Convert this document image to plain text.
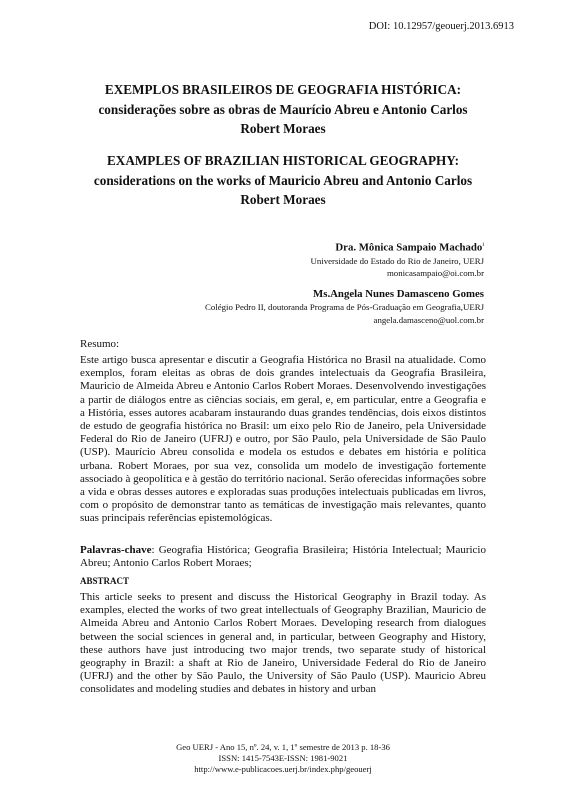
DOI: 10.12957/geouerj.2013.6913
EXEMPLOS BRASILEIROS DE GEOGRAFIA HISTÓRICA:
considerações sobre as obras de Maurício Abreu e Antonio Carlos
Robert Moraes
EXAMPLES OF BRAZILIAN HISTORICAL GEOGRAPHY:
considerations on the works of Mauricio Abreu and Antonio Carlos
Robert Moraes
Dra. Mônica Sampaio Machado$^i$
Universidade do Estado do Rio de Janeiro, UERJ
monicasampaio@oi.com.br
Ms.Angela Nunes Damasceno Gomes
Colégio Pedro II, doutoranda Programa de Pós-Graduação em Geografia,UERJ
angela.damasceno@uol.com.br
Resumo:
Este artigo busca apresentar e discutir a Geografia Histórica no Brasil na atualidade. Como exemplos, foram eleitas as obras de dois grandes intelectuais da Geografia Brasileira, Mauricio de Almeida Abreu e Antonio Carlos Robert Moraes. Desenvolvendo investigações a partir de diálogos entre as ciências sociais, em geral, e, em particular, entre a Geografia e a História, esses autores acabaram instaurando duas grandes tendências, dois eixos distintos de estudo de geografia histórica no Brasil: um eixo pelo Rio de Janeiro, pela Universidade Federal do Rio de Janeiro (UFRJ) e outro, por São Paulo, pela Universidade de São Paulo (USP). Maurício Abreu consolida e modela os estudos e debates em história e política urbana. Robert Moraes, por sua vez, consolida um modelo de investigação fortemente associado à geopolítica e à gestão do território nacional. Serão oferecidas informações sobre a vida e obras desses autores e exploradas suas produções intelectuais publicadas em livros, com o propósito de demonstrar tanto as temáticas de investigação mais relevantes, quanto suas principais referências epistemológicas.
Palavras-chave: Geografia Histórica; Geografia Brasileira; História Intelectual; Mauricio Abreu; Antonio Carlos Robert Moraes;
ABSTRACT
This article seeks to present and discuss the Historical Geography in Brazil today. As examples, elected the works of two great intellectuals of Geography Brazilian, Mauricio de Almeida Abreu and Antonio Carlos Robert Moraes. Developing research from dialogues between the social sciences in general and, in particular, between Geography and History, these authors have just introducing two major trends, two separate study of historical geography in Brazil: a shaft at Rio de Janeiro, Universidade Federal do Rio de Janeiro (UFRJ) and the other by São Paulo, the University of São Paulo (USP). Mauricio Abreu consolidates and modeling studies and debates in history and urban
Geo UERJ - Ano 15, nº. 24, v. 1, 1º semestre de 2013 p. 18-36
ISSN: 1415-7543E-ISSN: 1981-9021
http://www.e-publicacoes.uerj.br/index.php/geouerj
